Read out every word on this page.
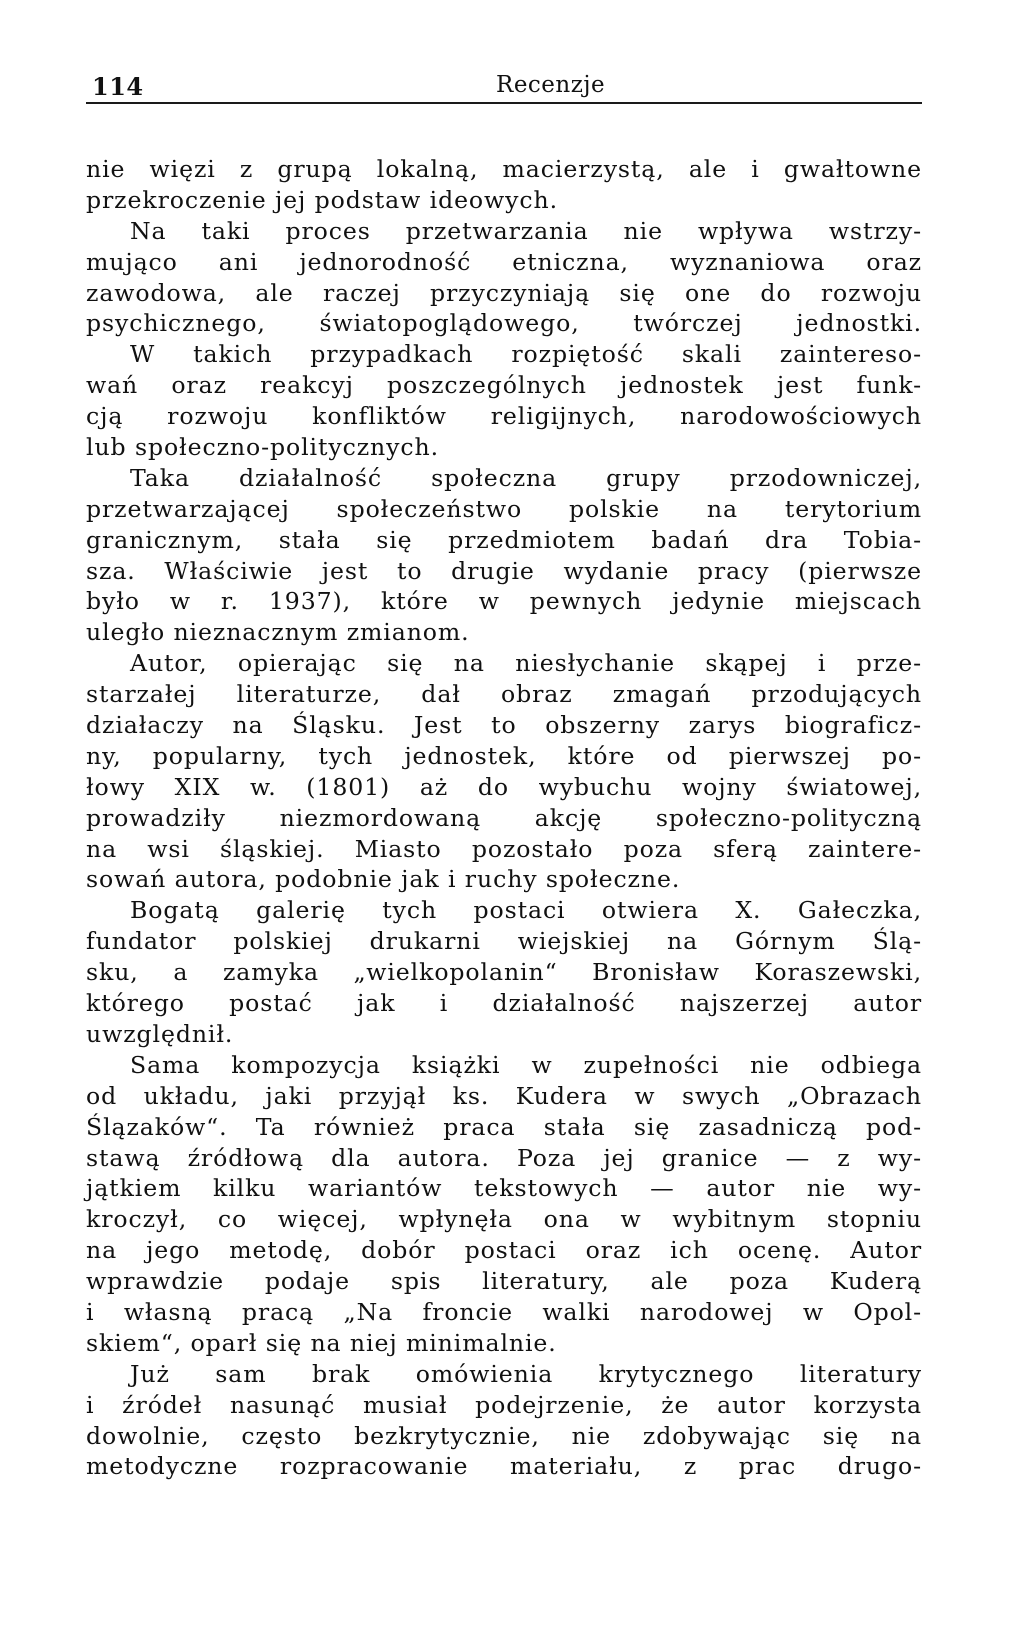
114	Recenzje
nie więzi z grupą lokalną, macierzystą, ale i gwałtowne
przekroczenie jej podstaw ideowych.
Na taki proces przetwarzania nie wpływa wstrzy-
mująco ani jednorodność etniczna, wyznaniowa oraz
zawodowa, ale raczej przyczyniają się one do rozwoju
psychicznego, światopoglądowego, twórczej jednostki.
W takich przypadkach rozpiętość skali zaintereso-
wań oraz reakcyj poszczególnych jednostek jest funk-
cją rozwoju konfliktów religijnych, narodowościowych
lub społeczno-politycznych.
Taka działalność społeczna grupy przodowniczej,
przetwarzającej społeczeństwo polskie na terytorium
granicznym, stała się przedmiotem badań dra Tobia-
sza. Właściwie jest to drugie wydanie pracy (pierwsze
było w r. 1937), które w pewnych jedynie miejscach
uległo nieznacznym zmianom.
Autor, opierając się na niesłychanie skąpej i prze-
starzałej literaturze, dał obraz zmagań przodujących
działaczy na Śląsku. Jest to obszerny zarys biograficz-
ny, popularny, tych jednostek, które od pierwszej po-
łowy XIX w. (1801) aż do wybuchu wojny światowej,
prowadziły niezmordowaną akcję społeczno-polityczną
na wsi śląskiej. Miasto pozostało poza sferą zaintere-
sowań autora, podobnie jak i ruchy społeczne.
Bogatą galerię tych postaci otwiera X. Gałeczka,
fundator polskiej drukarni wiejskiej na Górnym Ślą-
sku, a zamyka „wielkopolanin“ Bronisław Koraszewski,
którego postać jak i działalność najszerzej autor
uwzględnił.
Sama kompozycja książki w zupełności nie odbiega
od układu, jaki przyjął ks. Kudera w swych „Obrazach
Ślązaków“. Ta również praca stała się zasadniczą pod-
stawą źródłową dla autora. Poza jej granice — z wy-
jątkiem kilku wariantów tekstowych — autor nie wy-
kroczył, co więcej, wpłynęła ona w wybitnym stopniu
na jego metodę, dobór postaci oraz ich ocenę. Autor
wprawdzie podaje spis literatury, ale poza Kuderą
i własną pracą „Na froncie walki narodowej w Opol-
skiem“, oparł się na niej minimalnie.
Już sam brak omówienia krytycznego literatury
i źródeł nasunąć musiał podejrzenie, że autor korzysta
dowolnie, często bezkrytycznie, nie zdobywając się na
metodyczne rozpracowanie materiału, z prac drugo-
